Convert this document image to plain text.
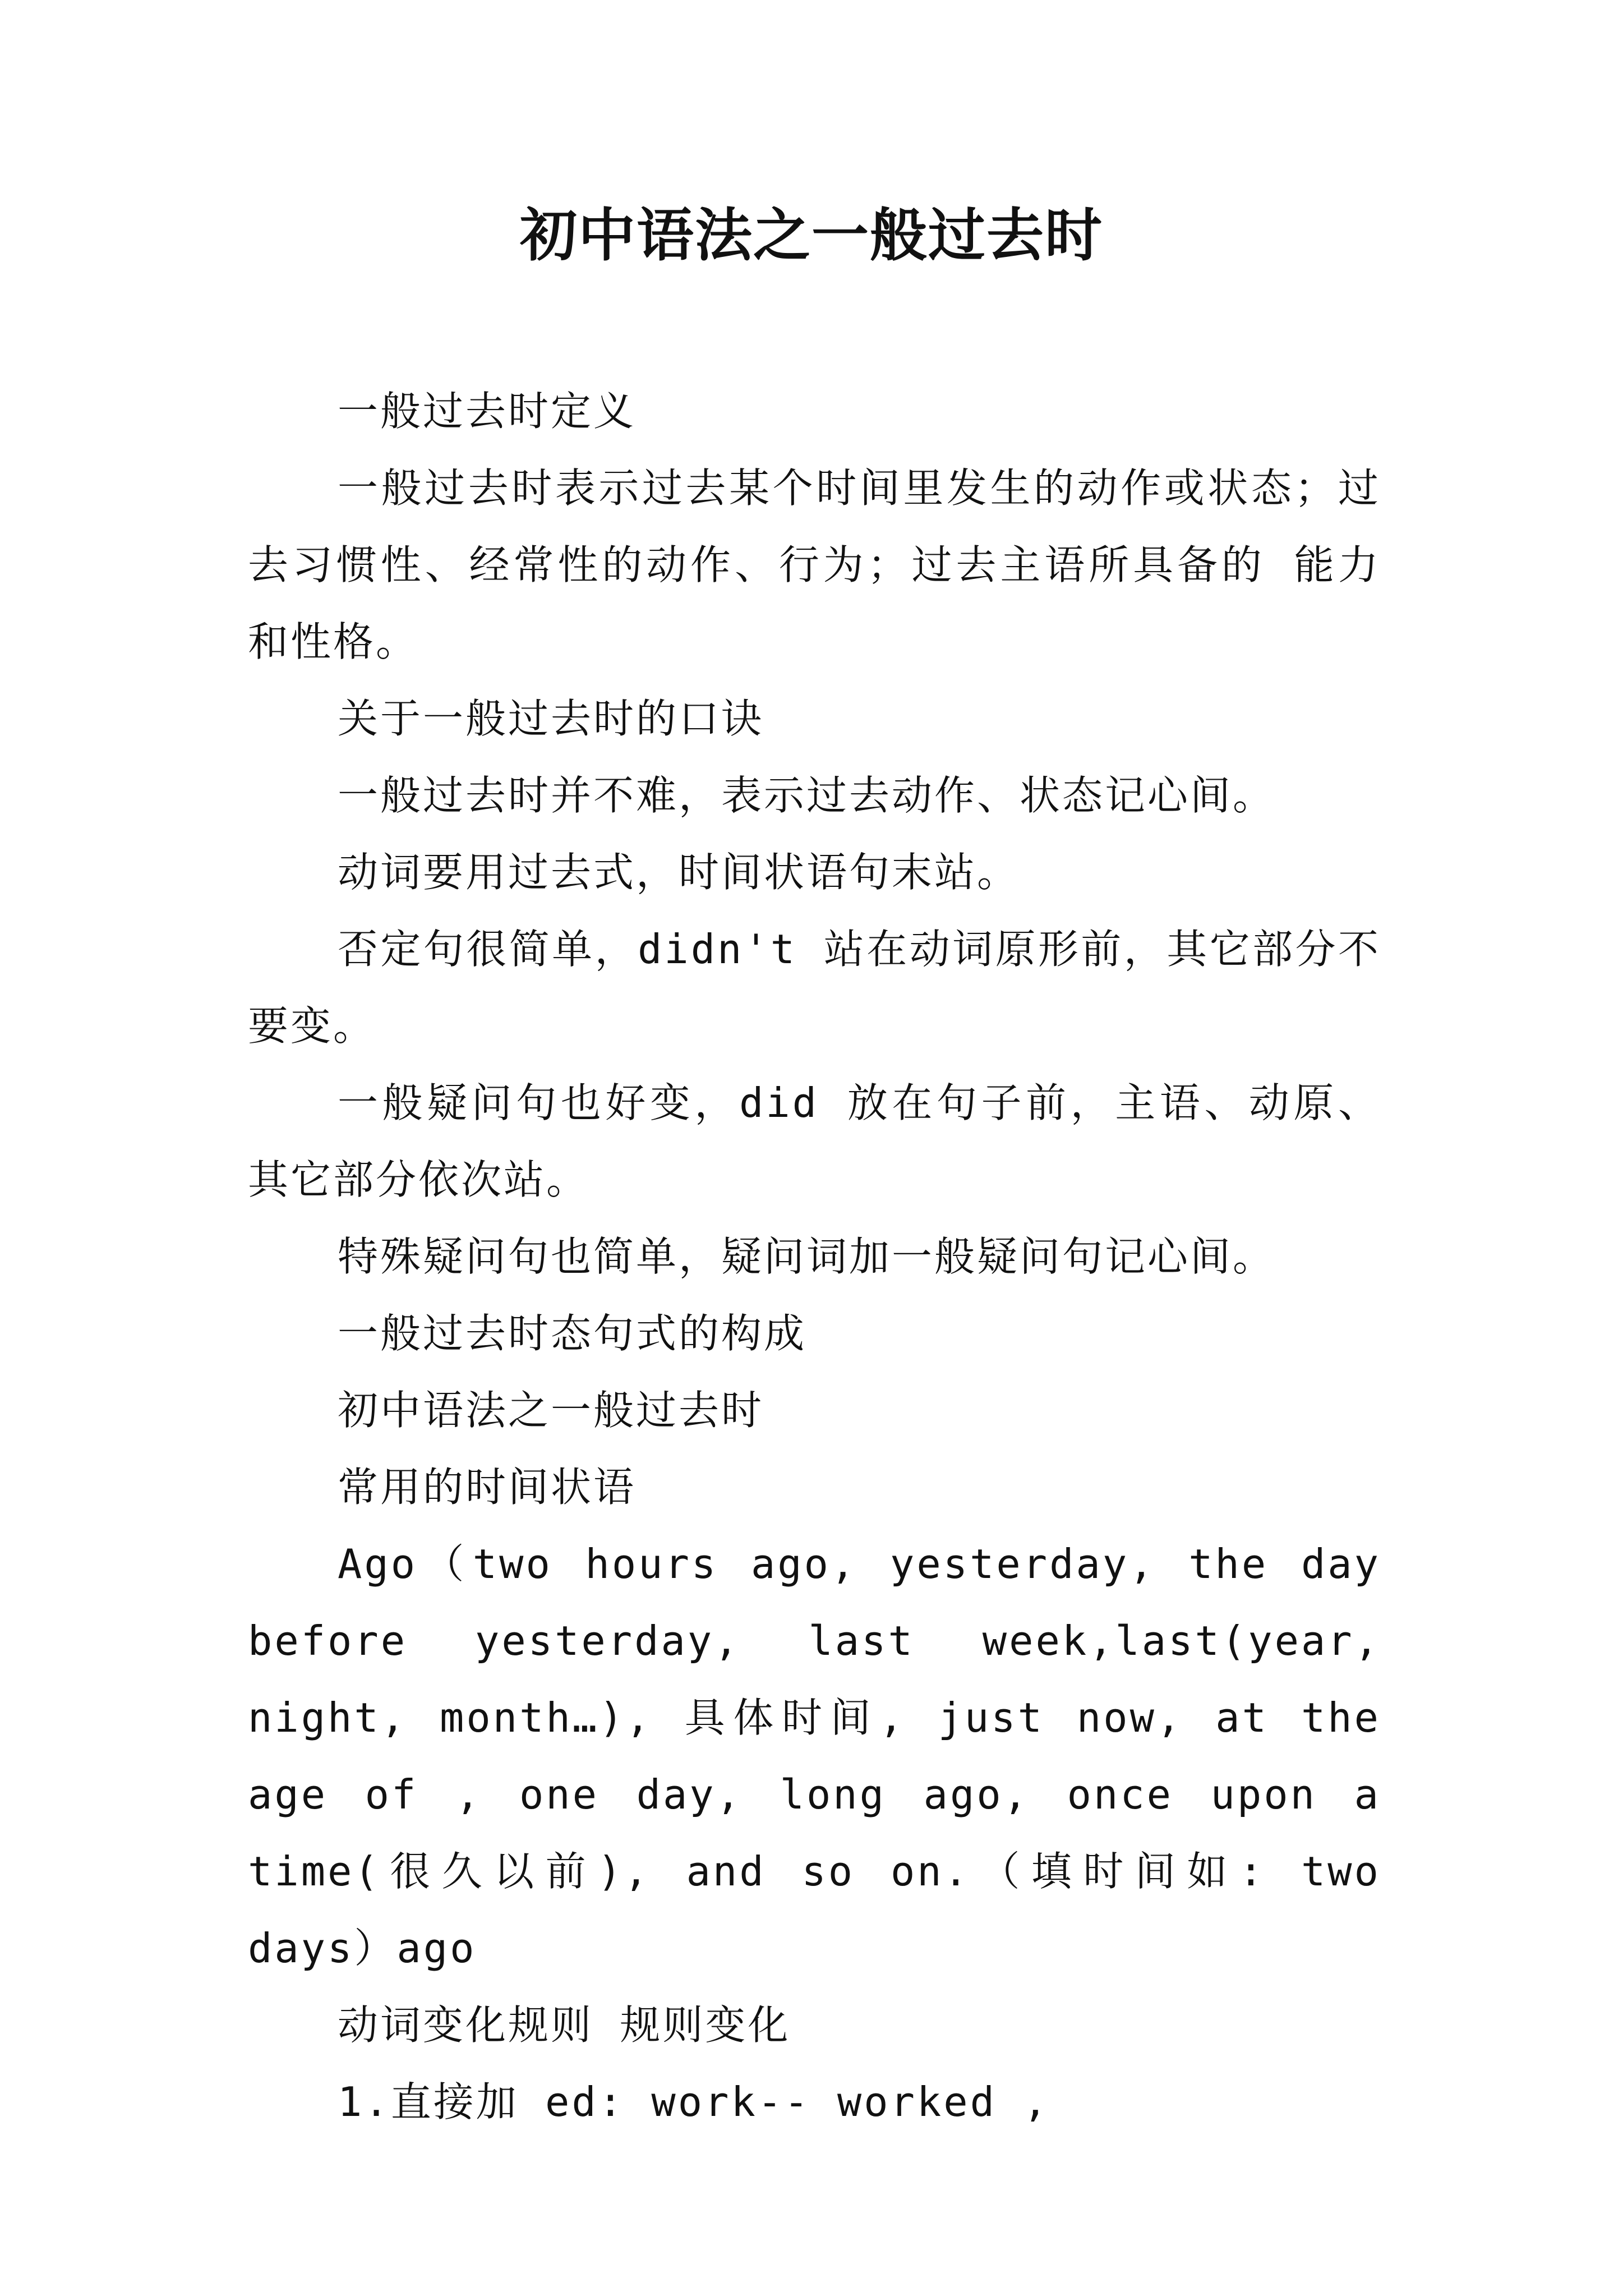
初中语法之一般过去时

一般过去时定义

一般过去时表示过去某个时间里发生的动作或状态；过去习惯性、经常性的动作、行为；过去主语所具备的 能力和性格。

关于一般过去时的口诀

一般过去时并不难，表示过去动作、状态记心间。

动词要用过去式，时间状语句末站。

否定句很简单，didn't 站在动词原形前，其它部分不要变。

一般疑问句也好变，did 放在句子前，主语、动原、其它部分依次站。

特殊疑问句也简单，疑问词加一般疑问句记心间。

一般过去时态句式的构成

初中语法之一般过去时

常用的时间状语

Ago（two hours ago, yesterday, the day before yesterday, last week,last(year, night, month…), 具体时间, just now, at the age of , one day, long ago, once upon a time(很久以前), and so on.（填时间如: two days）ago

动词变化规则 规则变化

1.直接加 ed: work-- worked ,
